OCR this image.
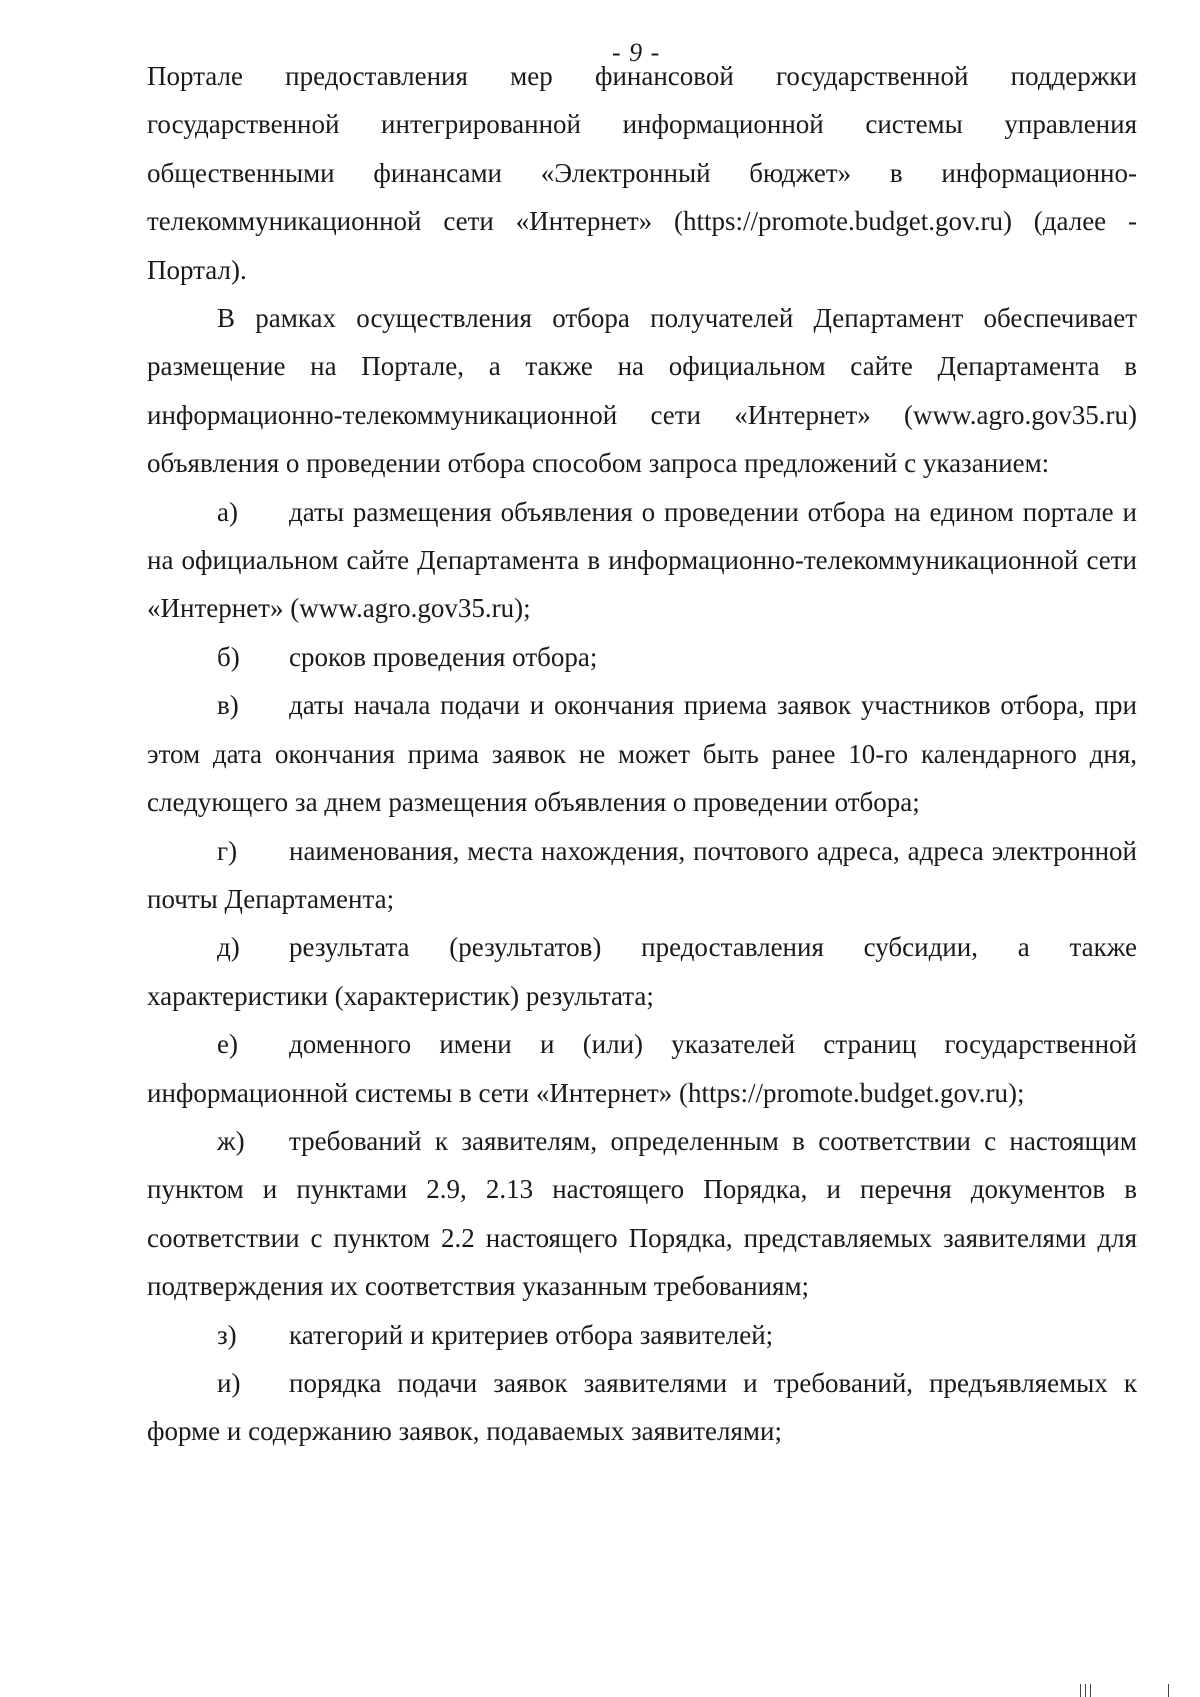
- 9 -

Портале предоставления мер финансовой государственной поддержки государственной интегрированной информационной системы управления общественными финансами «Электронный бюджет» в информационно-телекоммуникационной сети «Интернет» (https://promote.budget.gov.ru) (далее - Портал).

В рамках осуществления отбора получателей Департамент обеспечивает размещение на Портале, а также на официальном сайте Департамента в информационно-телекоммуникационной сети «Интернет» (www.agro.gov35.ru) объявления о проведении отбора способом запроса предложений с указанием:

а) даты размещения объявления о проведении отбора на едином портале и на официальном сайте Департамента в информационно-телекоммуникационной сети «Интернет» (www.agro.gov35.ru);

б) сроков проведения отбора;

в) даты начала подачи и окончания приема заявок участников отбора, при этом дата окончания прима заявок не может быть ранее 10-го календарного дня, следующего за днем размещения объявления о проведении отбора;

г) наименования, места нахождения, почтового адреса, адреса электронной почты Департамента;

д) результата (результатов) предоставления субсидии, а также характеристики (характеристик) результата;

е) доменного имени и (или) указателей страниц государственной информационной системы в сети «Интернет» (https://promote.budget.gov.ru);

ж) требований к заявителям, определенным в соответствии с настоящим пунктом и пунктами 2.9, 2.13 настоящего Порядка, и перечня документов в соответствии с пунктом 2.2 настоящего Порядка, представляемых заявителями для подтверждения их соответствия указанным требованиям;

з) категорий и критериев отбора заявителей;

и) порядка подачи заявок заявителями и требований, предъявляемых к форме и содержанию заявок, подаваемых заявителями;
